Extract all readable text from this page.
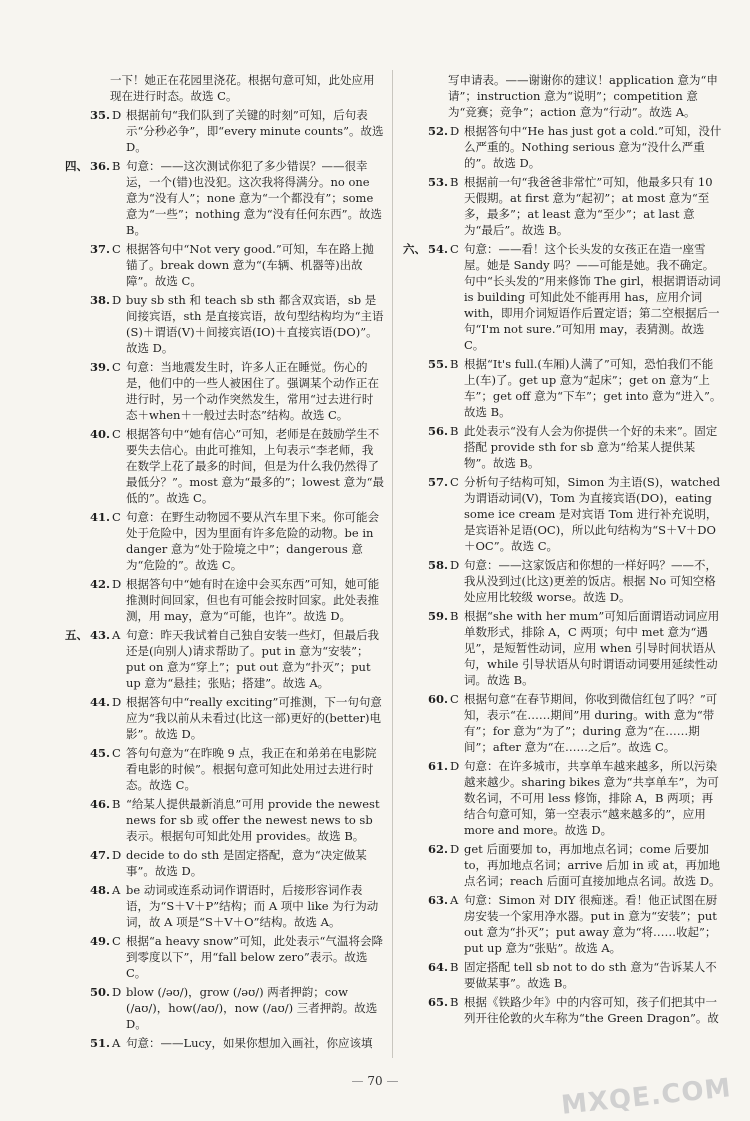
一下！她正在花园里浇花。根据句意可知，此处应用现在进行时态。故选 C。
35. D 根据前句“我们队到了关键的时刻”可知，后句表示“分秒必争”，即“every minute counts”。故选 D。
四、 36. B 句意：——这次测试你犯了多少错误？——很幸运，一个(错)也没犯。这次我将得满分。no one 意为“没有人”；none 意为“一个都没有”；some 意为“一些”；nothing 意为“没有任何东西”。故选 B。
37. C 根据答句中“Not very good.”可知，车在路上抛锚了。break down 意为“(车辆、机器等)出故障”。故选 C。
38. D buy sb sth 和 teach sb sth 都含双宾语，sb 是间接宾语，sth 是直接宾语，故句型结构均为“主语(S)＋谓语(V)＋间接宾语(IO)＋直接宾语(DO)”。故选 D。
39. C 句意：当地震发生时，许多人正在睡觉。伤心的是，他们中的一些人被困住了。强调某个动作正在进行时，另一个动作突然发生，常用“过去进行时态＋when＋一般过去时态”结构。故选 C。
40. C 根据答句中“她有信心”可知，老师是在鼓励学生不要失去信心。由此可推知，上句表示“李老师，我在数学上花了最多的时间，但是为什么我仍然得了最低分？”。most 意为“最多的”；lowest 意为“最低的”。故选 C。
41. C 句意：在野生动物园不要从汽车里下来。你可能会处于危险中，因为里面有许多危险的动物。be in danger 意为“处于险境之中”；dangerous 意为“危险的”。故选 C。
42. D 根据答句中“她有时在途中会买东西”可知，她可能推测时间回家，但也有可能会按时回家。此处表推测，用 may，意为“可能，也许”。故选 D。
五、 43. A 句意：昨天我试着自己独自安装一些灯，但最后我还是(向别人)请求帮助了。put in 意为“安装”；put on 意为“穿上”；put out 意为“扑灭”；put up 意为“悬挂；张贴；搭建”。故选 A。
44. D 根据答句中“really exciting”可推测，下一句句意应为“我以前从未看过(比这一部)更好的(better)电影”。故选 D。
45. C 答句句意为“在昨晚 9 点，我正在和弟弟在电影院看电影的时候”。根据句意可知此处用过去进行时态。故选 C。
46. B “给某人提供最新消息”可用 provide the newest news for sb 或 offer the newest news to sb 表示。根据句可知此处用 provides。故选 B。
47. D decide to do sth 是固定搭配，意为“决定做某事”。故选 D。
48. A be 动词或连系动词作谓语时，后接形容词作表语，为“S＋V＋P”结构；而 A 项中 like 为行为动词，故 A 项是“S＋V＋O”结构。故选 A。
49. C 根据“a heavy snow”可知，此处表示“气温将会降到零度以下”，用“fall below zero”表示。故选 C。
50. D blow (/əʊ/)，grow (/əʊ/) 两者押韵；cow (/aʊ/)，how(/aʊ/)，now (/aʊ/) 三者押韵。故选 D。
51. A 句意：——Lucy，如果你想加入画社，你应该填
写申请表。——谢谢你的建议！application 意为“申请”；instruction 意为“说明”；competition 意为“竞赛；竞争”；action 意为“行动”。故选 A。
52. D 根据答句中“He has just got a cold.”可知，没什么严重的。Nothing serious 意为“没什么严重的”。故选 D。
53. B 根据前一句“我爸爸非常忙”可知，他最多只有 10 天假期。at first 意为“起初”；at most 意为“至多，最多”；at least 意为“至少”；at last 意为“最后”。故选 B。
六、 54. C 句意：——看！这个长头发的女孩正在造一座雪屋。她是 Sandy 吗？——可能是她。我不确定。句中“长头发的”用来修饰 The girl，根据谓语动词 is building 可知此处不能再用 has，应用介词 with，即用介词短语作后置定语；第二空根据后一句“I'm not sure.”可知用 may，表猜测。故选 C。
55. B 根据“It's full.(车厢)人满了”可知，恐怕我们不能上(车)了。get up 意为“起床”；get on 意为“上车”；get off 意为“下车”；get into 意为“进入”。故选 B。
56. B 此处表示“没有人会为你提供一个好的未来”。固定搭配 provide sth for sb 意为“给某人提供某物”。故选 B。
57. C 分析句子结构可知，Simon 为主语(S)，watched 为谓语动词(V)，Tom 为直接宾语(DO)，eating some ice cream 是对宾语 Tom 进行补充说明，是宾语补足语(OC)，所以此句结构为“S＋V＋DO＋OC”。故选 C。
58. D 句意：——这家饭店和你想的一样好吗？——不，我从没到过(比这)更差的饭店。根据 No 可知空格处应用比较级 worse。故选 D。
59. B 根据“she with her mum”可知后面谓语动词应用单数形式，排除 A，C 两项；句中 met 意为“遇见”，是短暂性动词，应用 when 引导时间状语从句，while 引导状语从句时谓语动词要用延续性动词。故选 B。
60. C 根据句意“在春节期间，你收到微信红包了吗？”可知，表示“在……期间”用 during。with 意为“带有”；for 意为“为了”；during 意为“在……期间”；after 意为“在……之后”。故选 C。
61. D 句意：在许多城市，共享单车越来越多，所以污染越来越少。sharing bikes 意为“共享单车”，为可数名词，不可用 less 修饰，排除 A，B 两项；再结合句意可知，第一空表示“越来越多的”，应用 more and more。故选 D。
62. D get 后面要加 to，再加地点名词；come 后要加 to，再加地点名词；arrive 后加 in 或 at，再加地点名词；reach 后面可直接加地点名词。故选 D。
63. A 句意：Simon 对 DIY 很痴迷。看！他正试图在厨房安装一个家用净水器。put in 意为“安装”；put out 意为“扑灭”；put away 意为“将……收起”；put up 意为“张贴”。故选 A。
64. B 固定搭配 tell sb not to do sth 意为“告诉某人不要做某事”。故选 B。
65. B 根据《铁路少年》中的内容可知，孩子们把其中一列开往伦敦的火车称为“the Green Dragon”。故
— 70 —	MXQE.COM
